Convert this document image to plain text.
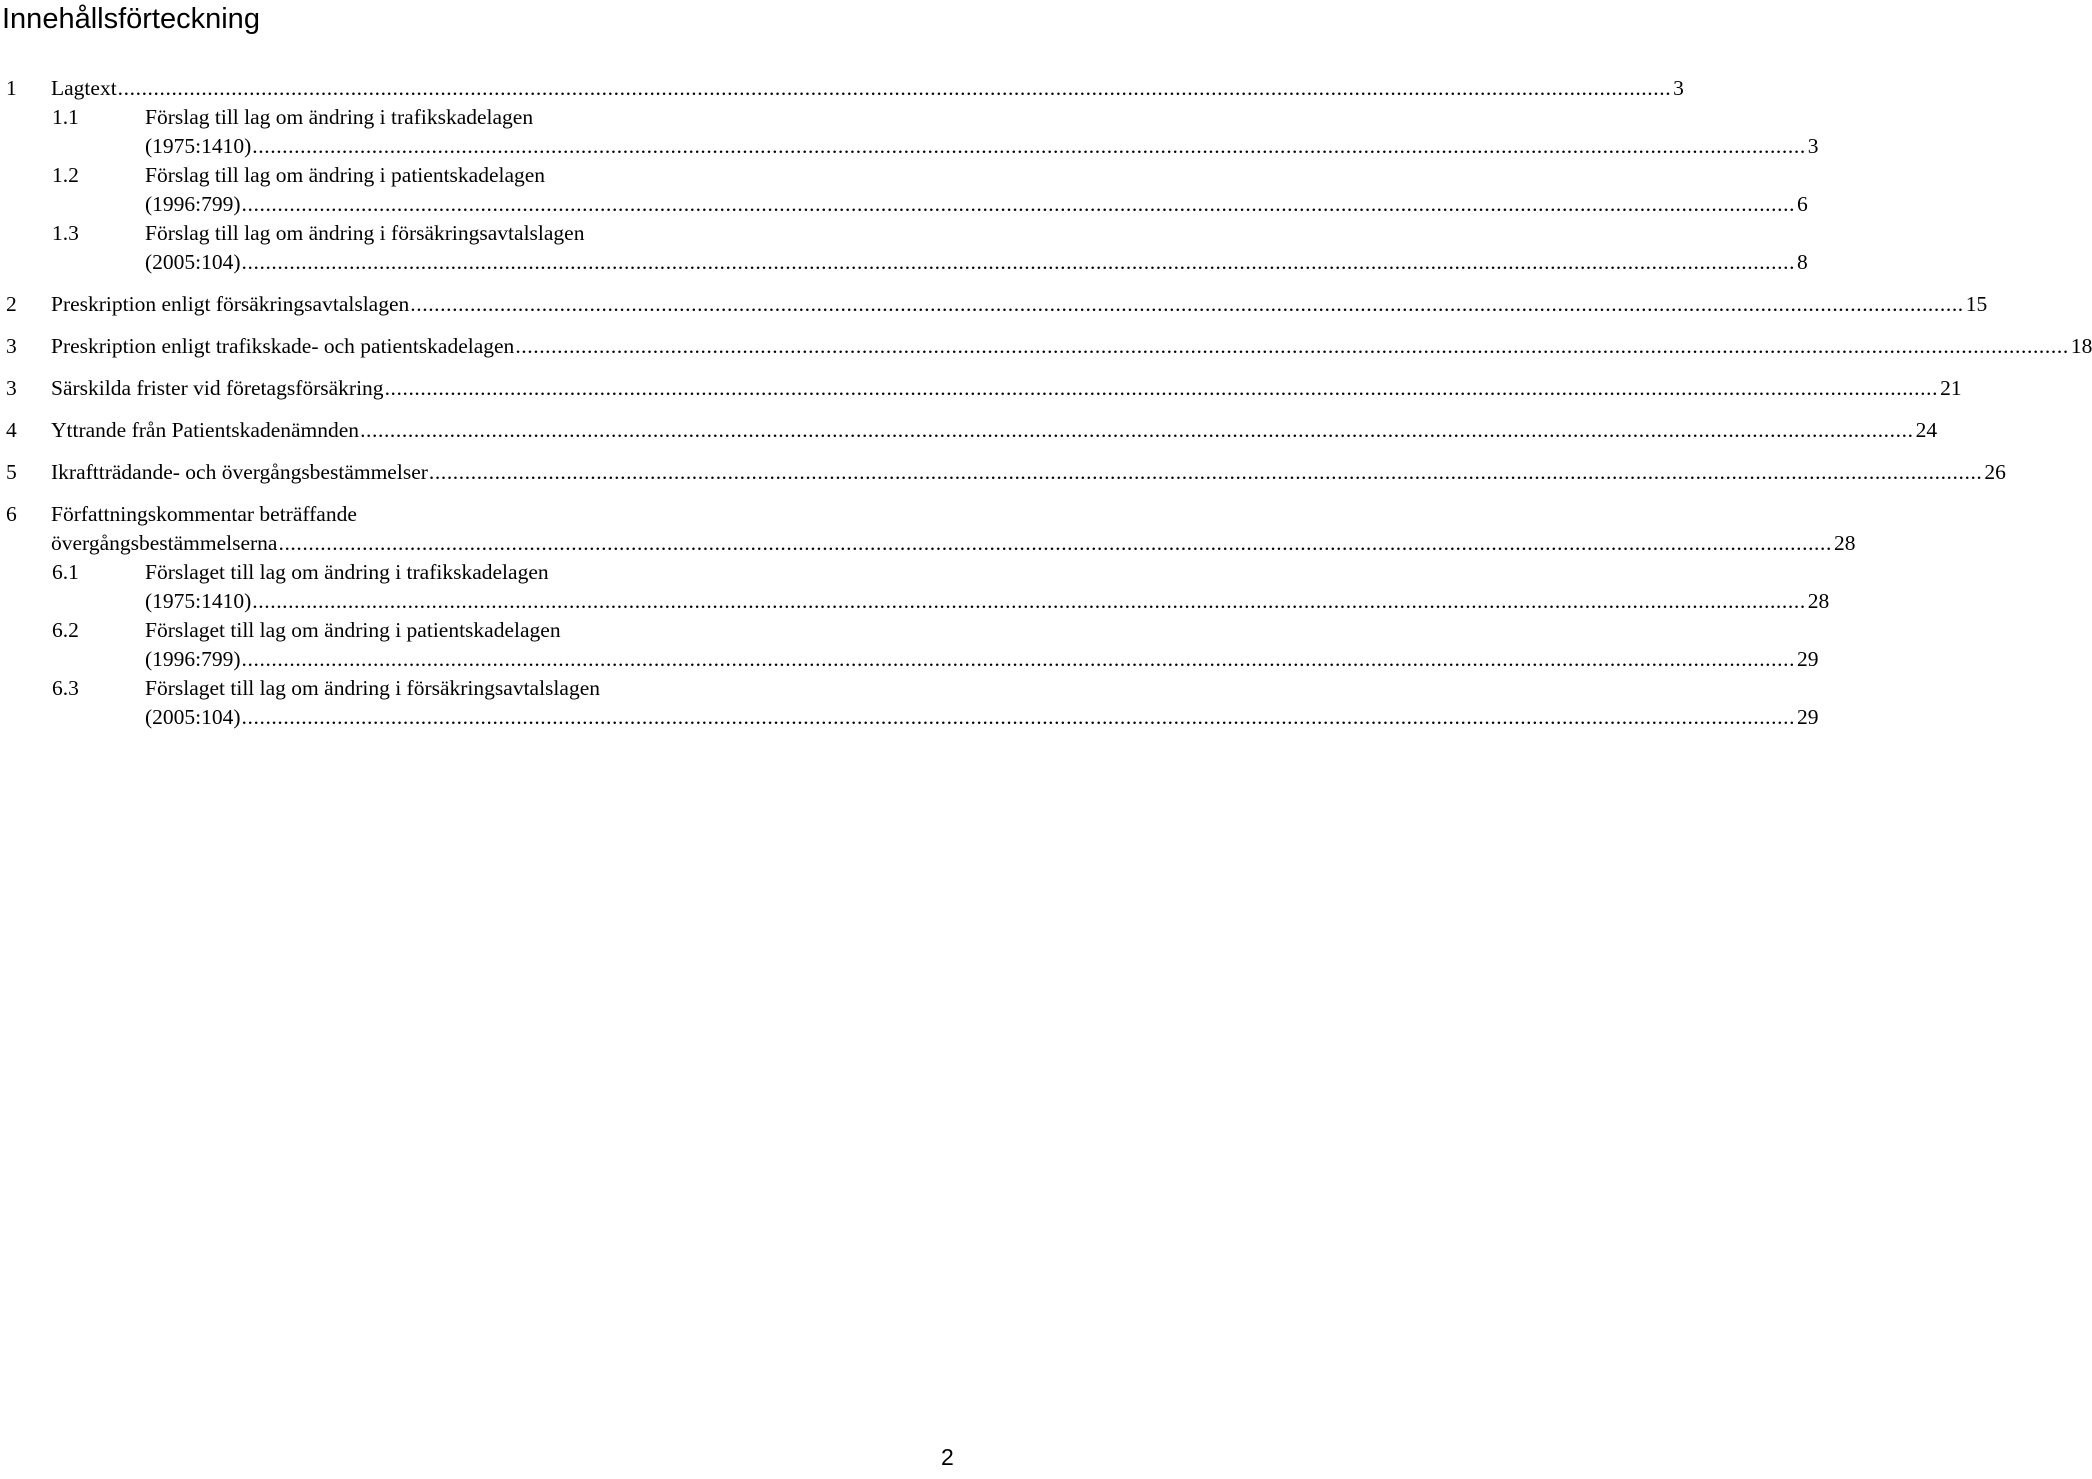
Innehållsförteckning
1 Lagtext .................................................................................................................................................................................................................................................................... 3
1.1	Förslag till lag om ändring i trafikskadelagen
(1975:1410) .................................................................................................................................................................................................................................................................... 3
1.2	Förslag till lag om ändring i patientskadelagen
(1996:799) .................................................................................................................................................................................................................................................................... 6
1.3	Förslag till lag om ändring i försäkringsavtalslagen
(2005:104) .................................................................................................................................................................................................................................................................... 8
2 Preskription enligt försäkringsavtalslagen .................................................................................................................................................................................................................................................................... 15
3 Preskription enligt trafikskade- och patientskadelagen .................................................................................................................................................................................................................................................................... 18
3 Särskilda frister vid företagsförsäkring .................................................................................................................................................................................................................................................................... 21
4 Yttrande från Patientskadenämnden .................................................................................................................................................................................................................................................................... 24
5 Ikraftträdande- och övergångsbestämmelser .................................................................................................................................................................................................................................................................... 26
6 Författningskommentar beträffande
övergångsbestämmelserna .................................................................................................................................................................................................................................................................... 28
6.1	Förslaget till lag om ändring i trafikskadelagen
(1975:1410) .................................................................................................................................................................................................................................................................... 28
6.2	Förslaget till lag om ändring i patientskadelagen
(1996:799) .................................................................................................................................................................................................................................................................... 29
6.3	Förslaget till lag om ändring i försäkringsavtalslagen
(2005:104) .................................................................................................................................................................................................................................................................... 29
2
